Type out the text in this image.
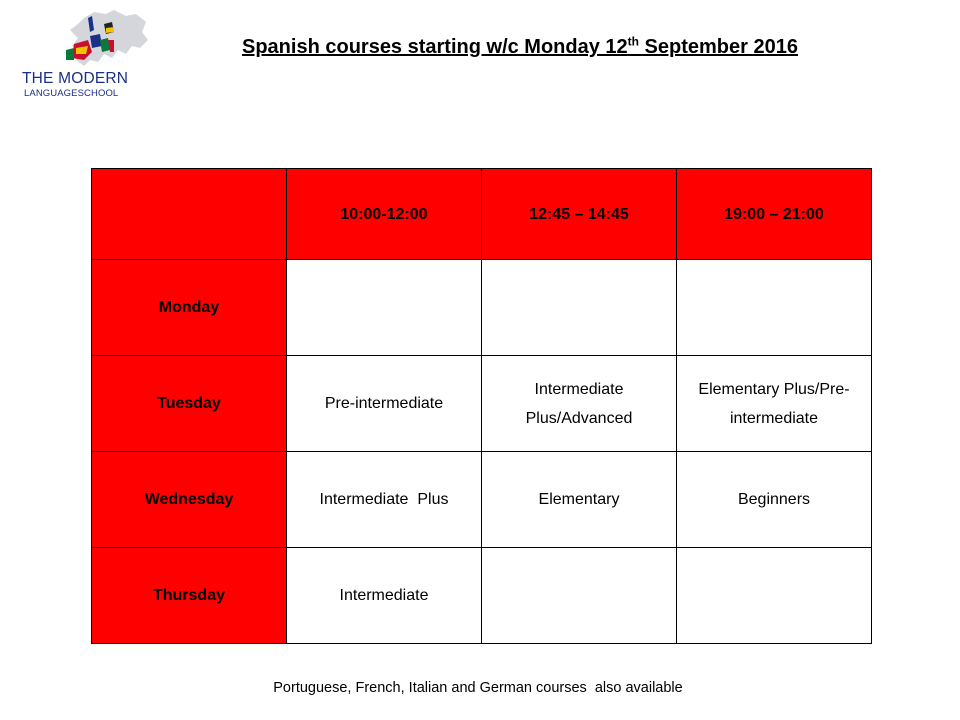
THE MODERN
LANGUAGESCHOOL
Spanish courses starting w/c Monday 12th September 2016
	10:00-12:00	12:45 – 14:45	19:00 – 21:00
Monday			
Tuesday	Pre-intermediate	Intermediate Plus/Advanced	Elementary Plus/Pre-intermediate
Wednesday	Intermediate  Plus	Elementary	Beginners
Thursday	Intermediate		
Portuguese, French, Italian and German courses  also available
